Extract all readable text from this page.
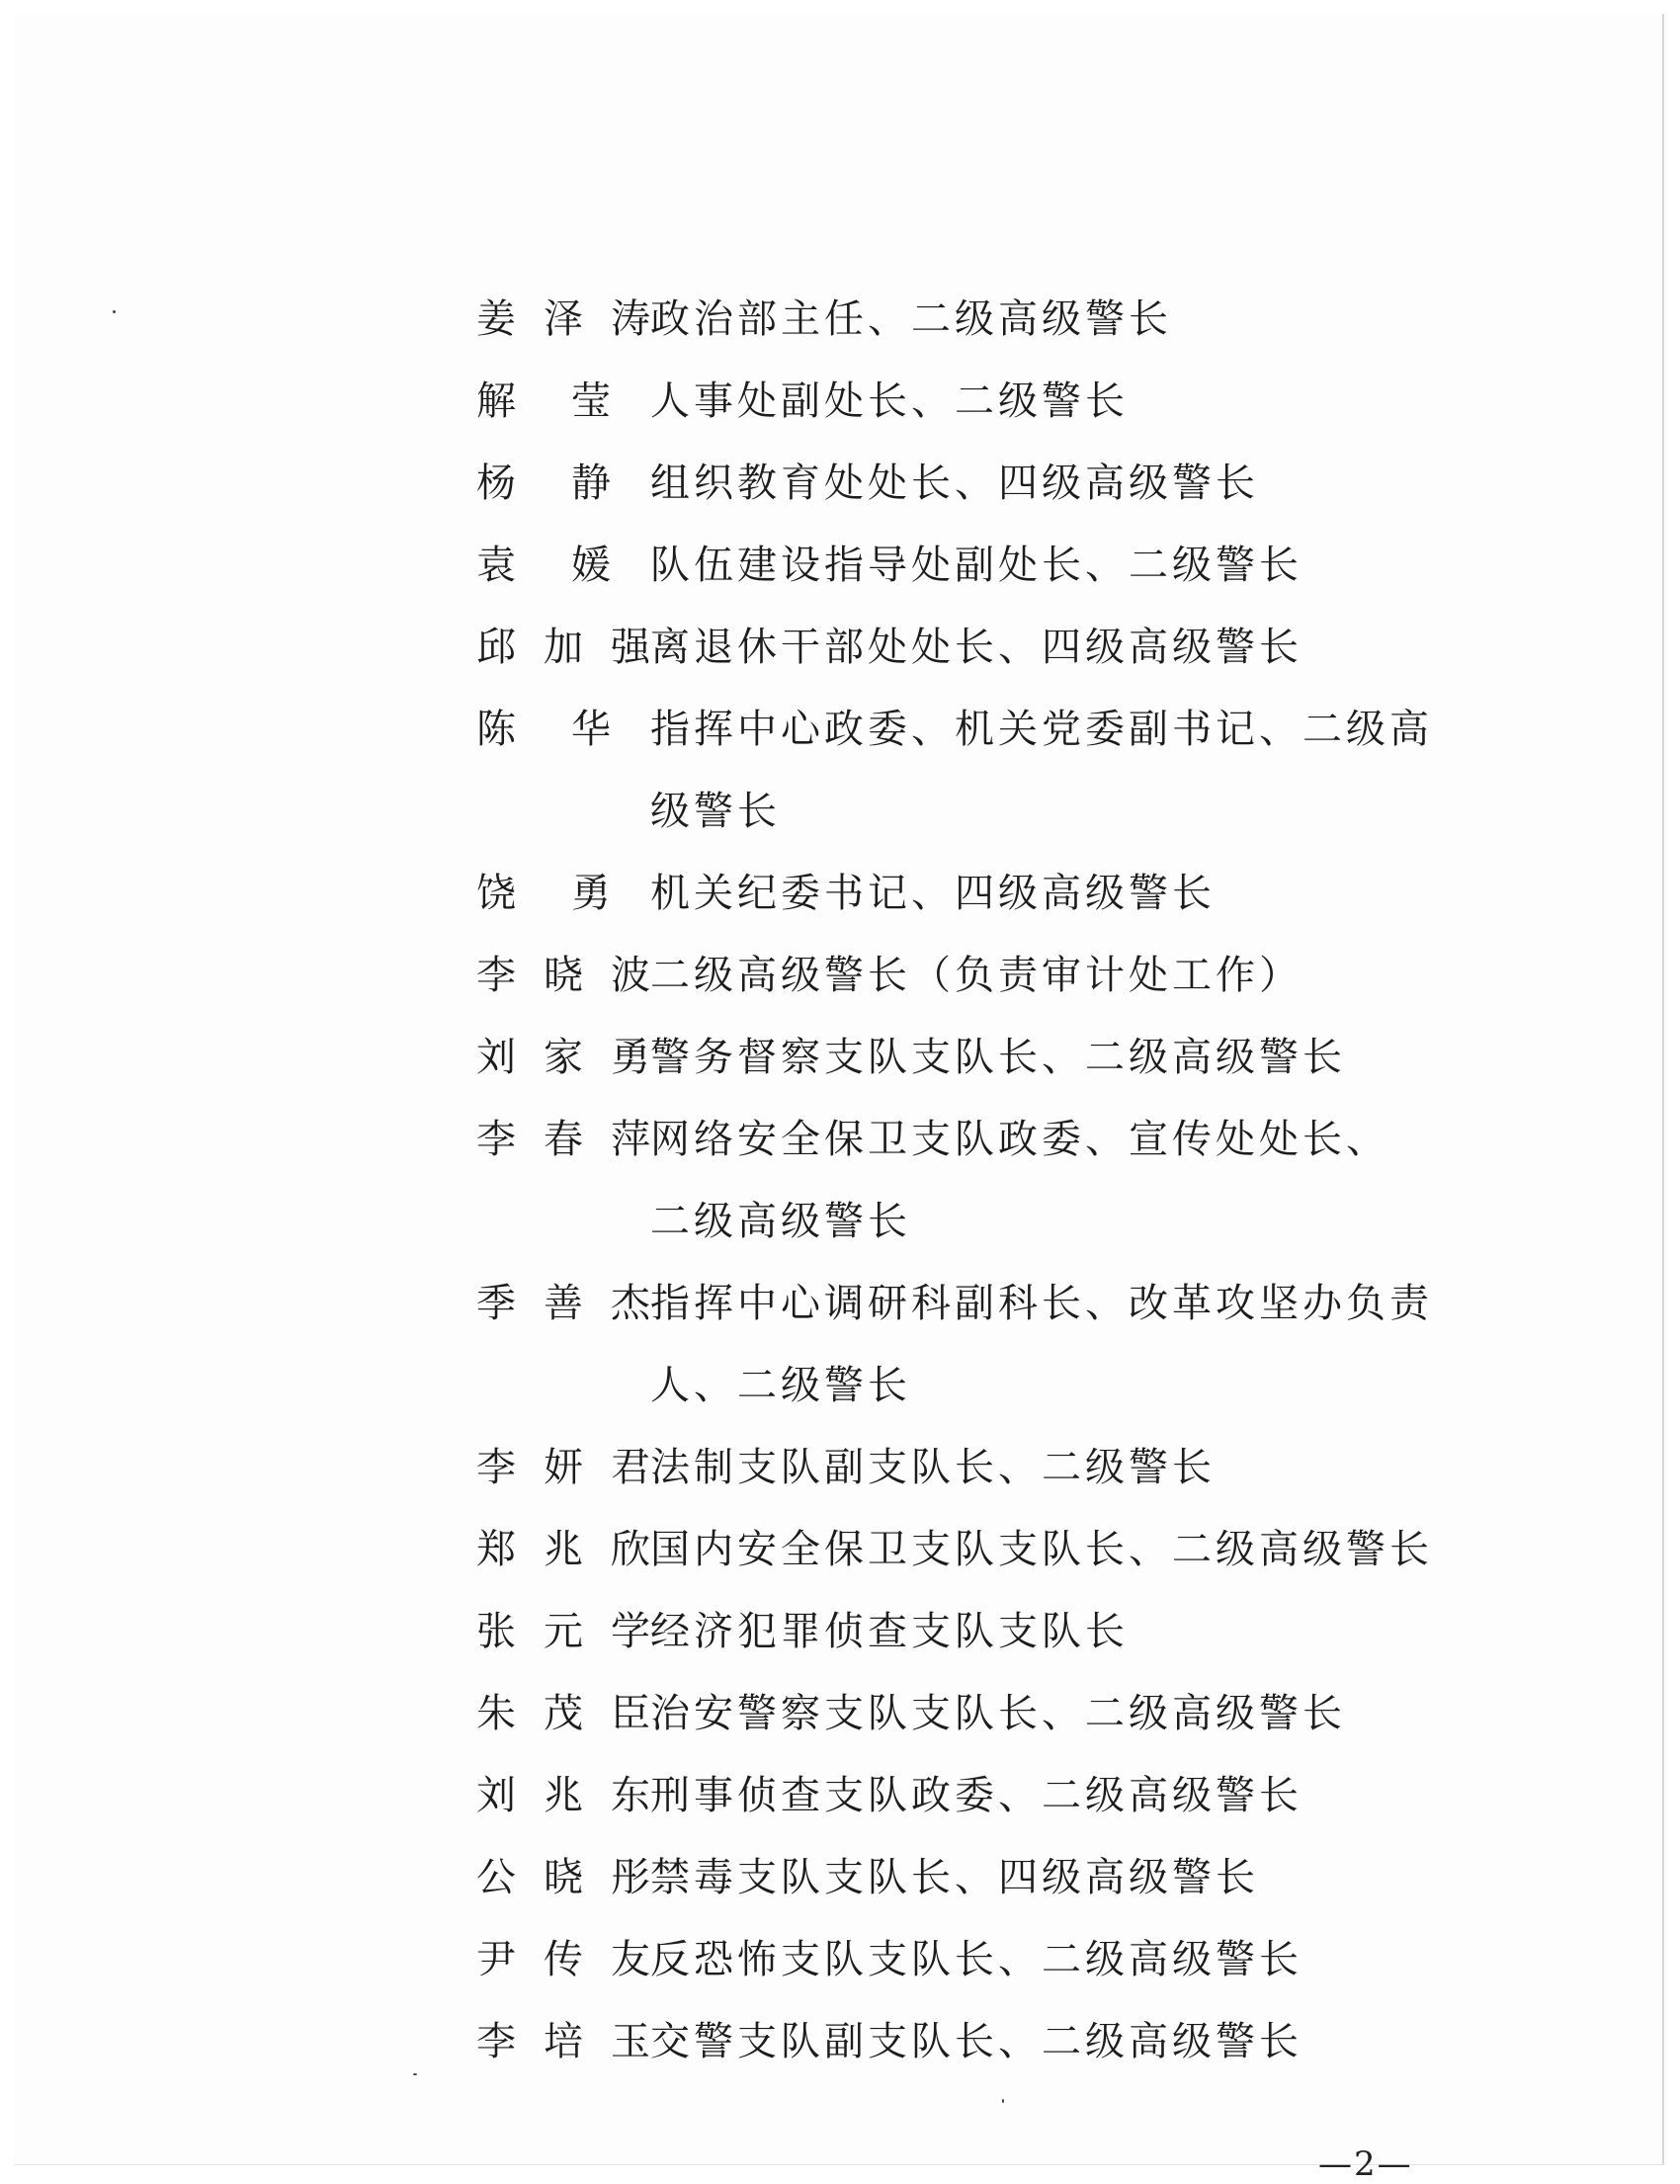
姜 泽 涛 政治部主任、二级高级警长
解 莹 人事处副处长、二级警长
杨 静 组织教育处处长、四级高级警长
袁 媛 队伍建设指导处副处长、二级警长
邱 加 强 离退休干部处处长、四级高级警长
陈 华 指挥中心政委、机关党委副书记、二级高
级警长
饶 勇 机关纪委书记、四级高级警长
李 晓 波 二级高级警长（负责审计处工作）
刘 家 勇 警务督察支队支队长、二级高级警长
李 春 萍 网络安全保卫支队政委、宣传处处长、
二级高级警长
季 善 杰 指挥中心调研科副科长、改革攻坚办负责
人、二级警长
李 妍 君 法制支队副支队长、二级警长
郑 兆 欣 国内安全保卫支队支队长、二级高级警长
张 元 学 经济犯罪侦查支队支队长
朱 茂 臣 治安警察支队支队长、二级高级警长
刘 兆 东 刑事侦查支队政委、二级高级警长
公 晓 彤 禁毒支队支队长、四级高级警长
尹 传 友 反恐怖支队支队长、二级高级警长
李 培 玉 交警支队副支队长、二级高级警长
—2—
